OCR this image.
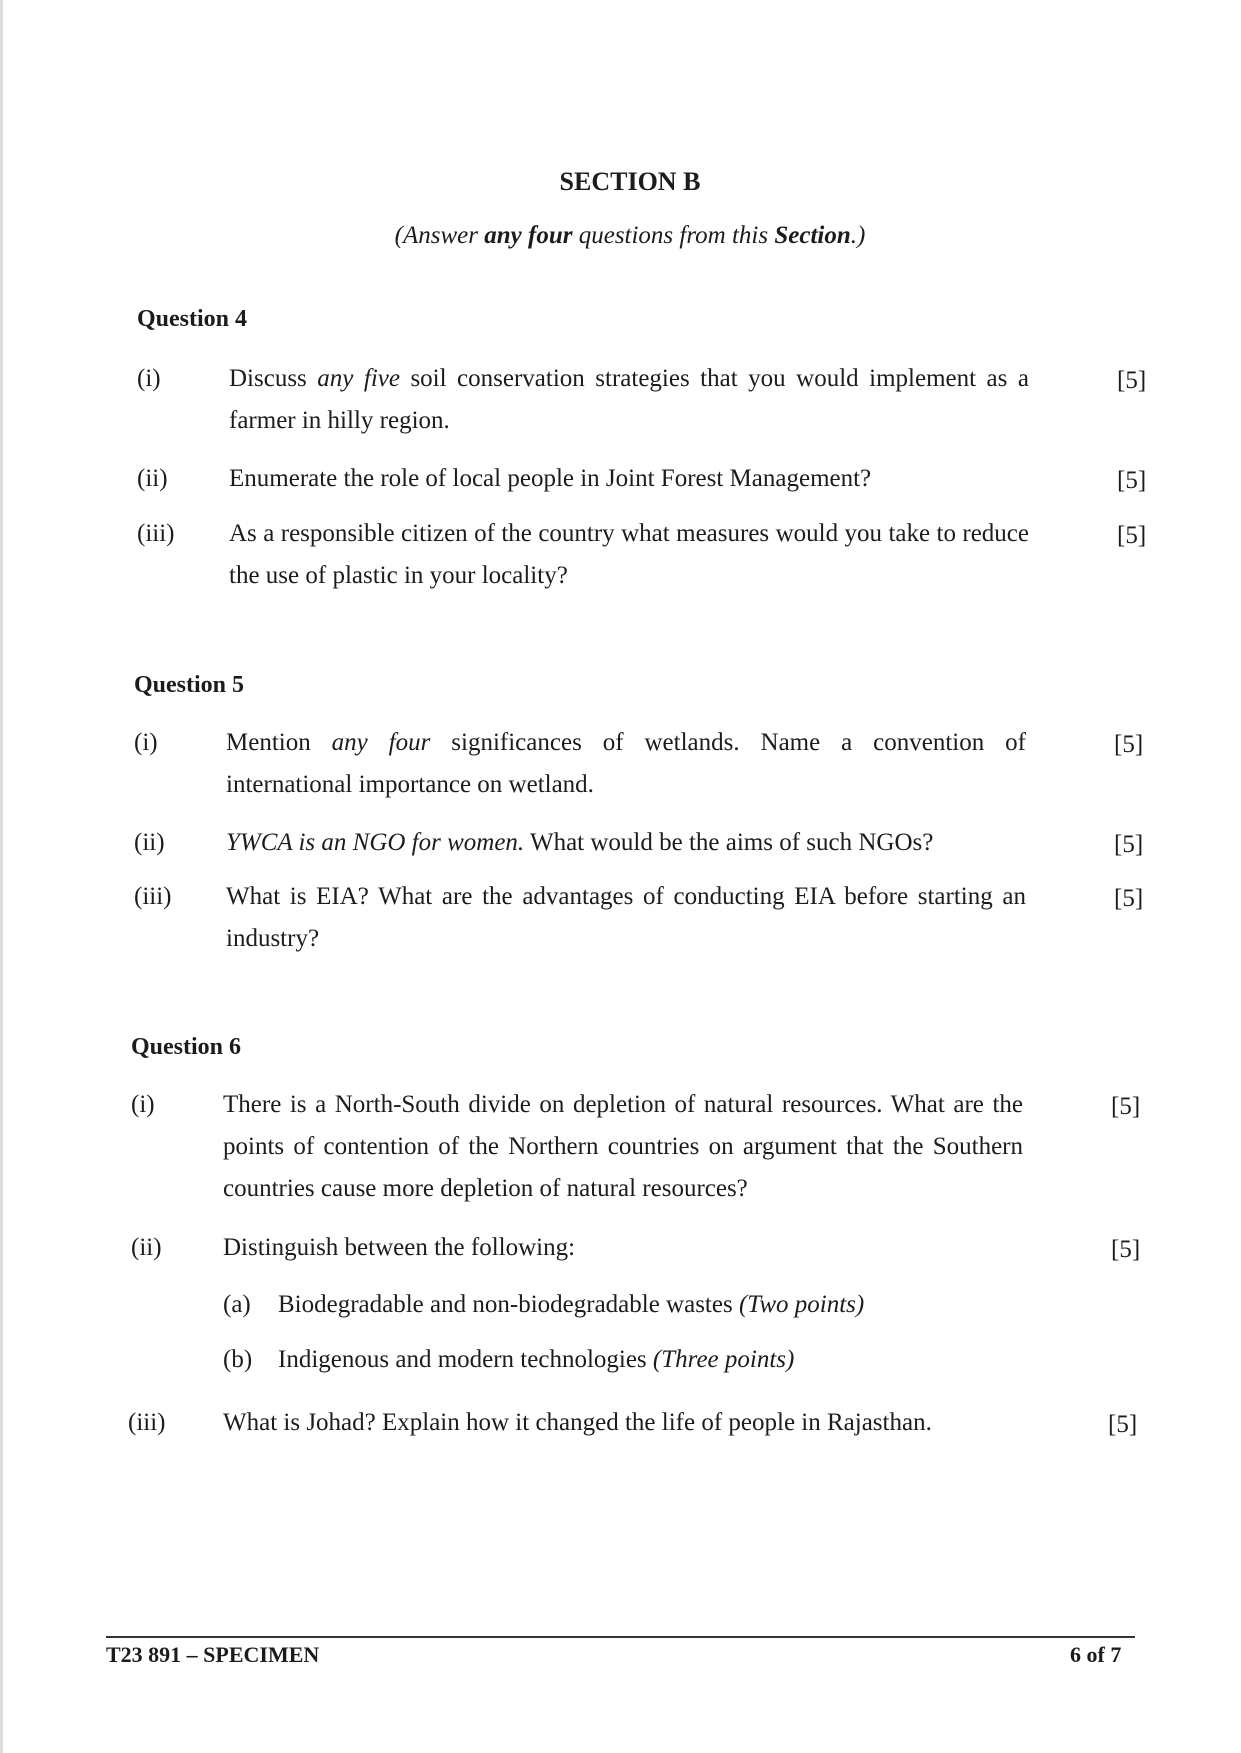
SECTION B
(Answer any four questions from this Section.)
Question 4
(i)	Discuss any five soil conservation strategies that you would implement as a farmer in hilly region.
[5]
(ii) Enumerate the role of local people in Joint Forest Management?	[5]
(iii) As a responsible citizen of the country what measures would you take to reduce the use of plastic in your locality?
[5]
Question 5
(i)	Mention any four significances of wetlands. Name a convention of international importance on wetland.
[5]
(ii) YWCA is an NGO for women. What would be the aims of such NGOs?	[5]
(iii) What is EIA? What are the advantages of conducting EIA before starting an industry?
[5]
Question 6
(i)	There is a North-South divide on depletion of natural resources. What are the points of contention of the Northern countries on argument that the Southern countries cause more depletion of natural resources?
[5]
(ii) Distinguish between the following:	[5]
(a) Biodegradable and non-biodegradable wastes (Two points)
(b) Indigenous and modern technologies (Three points)
(iii) What is Johad? Explain how it changed the life of people in Rajasthan.	[5]
T23 891 – SPECIMEN	6 of 7
